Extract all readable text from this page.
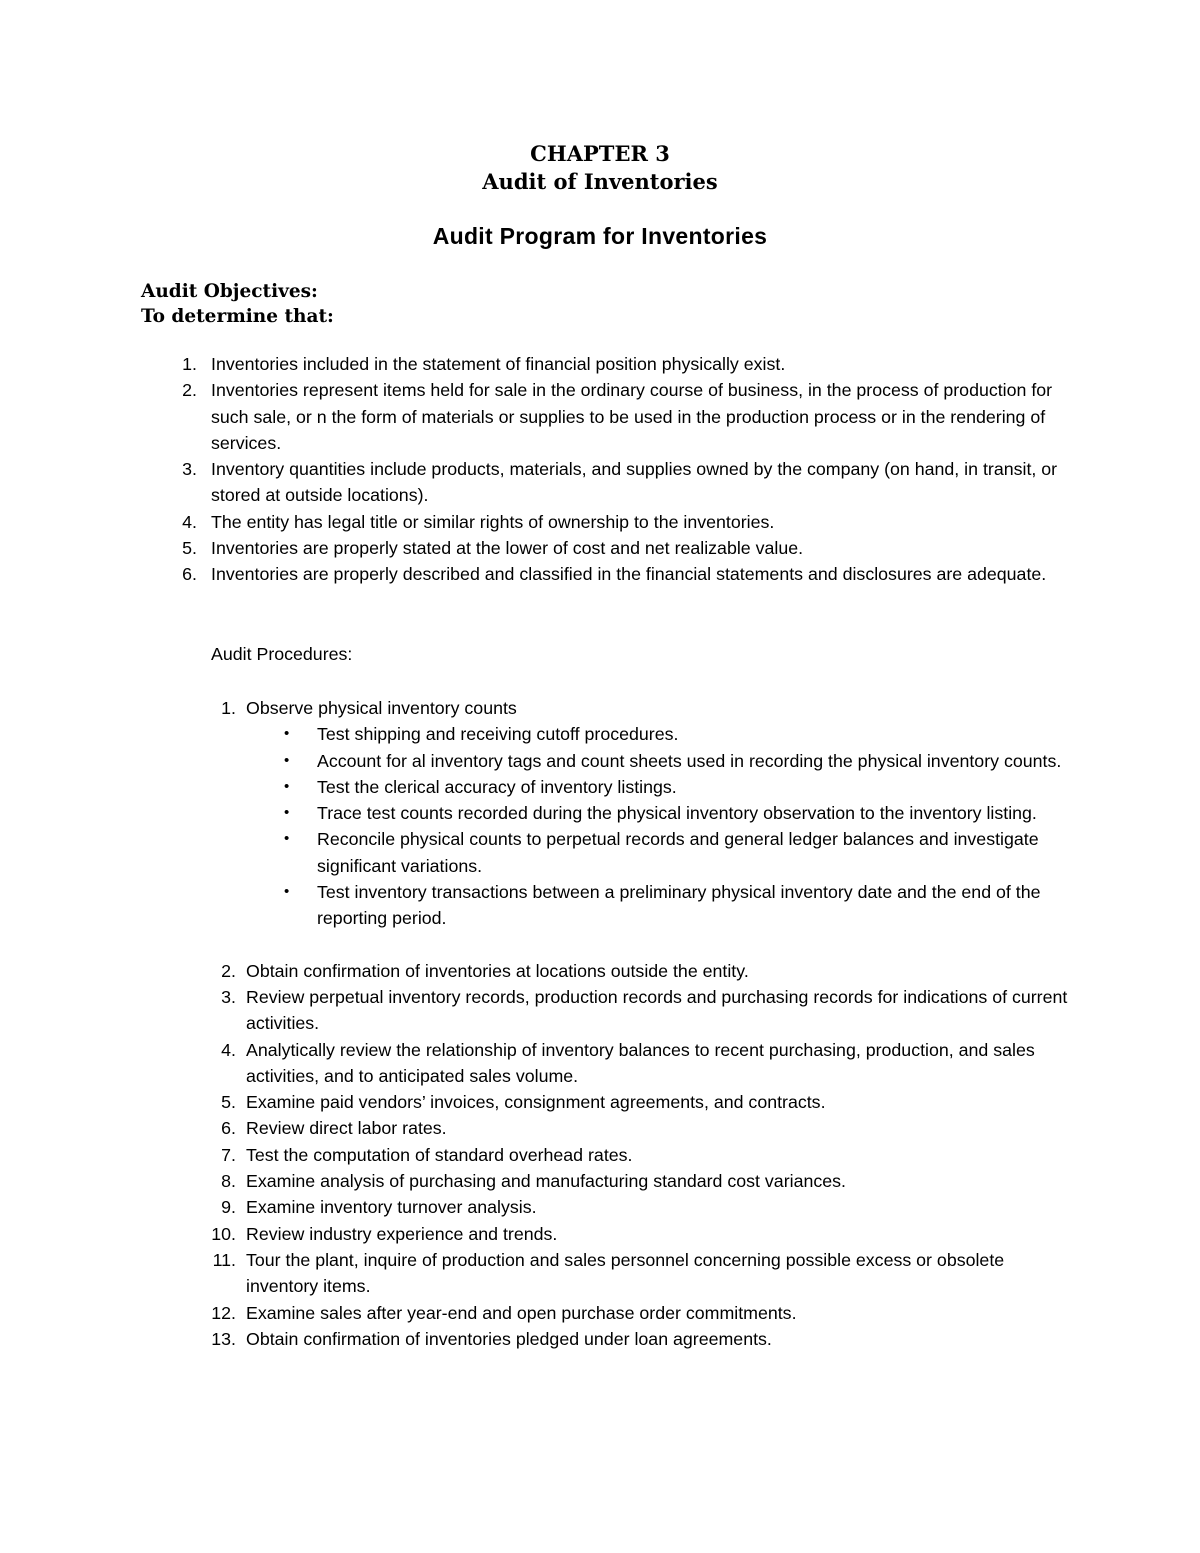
CHAPTER 3
Audit of Inventories
Audit Program for Inventories
Audit Objectives:
To determine that:
1. Inventories included in the statement of financial position physically exist.
2. Inventories represent items held for sale in the ordinary course of business, in the process of production for such sale, or n the form of materials or supplies to be used in the production process or in the rendering of services.
3. Inventory quantities include products, materials, and supplies owned by the company (on hand, in transit, or stored at outside locations).
4. The entity has legal title or similar rights of ownership to the inventories.
5. Inventories are properly stated at the lower of cost and net realizable value.
6. Inventories are properly described and classified in the financial statements and disclosures are adequate.
Audit Procedures:
1. Observe physical inventory counts
• Test shipping and receiving cutoff procedures.
• Account for al inventory tags and count sheets used in recording the physical inventory counts.
• Test the clerical accuracy of inventory listings.
• Trace test counts recorded during the physical inventory observation to the inventory listing.
• Reconcile physical counts to perpetual records and general ledger balances and investigate significant variations.
• Test inventory transactions between a preliminary physical inventory date and the end of the reporting period.
2. Obtain confirmation of inventories at locations outside the entity.
3. Review perpetual inventory records, production records and purchasing records for indications of current activities.
4. Analytically review the relationship of inventory balances to recent purchasing, production, and sales activities, and to anticipated sales volume.
5. Examine paid vendors’ invoices, consignment agreements, and contracts.
6. Review direct labor rates.
7. Test the computation of standard overhead rates.
8. Examine analysis of purchasing and manufacturing standard cost variances.
9. Examine inventory turnover analysis.
10. Review industry experience and trends.
11. Tour the plant, inquire of production and sales personnel concerning possible excess or obsolete inventory items.
12. Examine sales after year-end and open purchase order commitments.
13. Obtain confirmation of inventories pledged under loan agreements.
